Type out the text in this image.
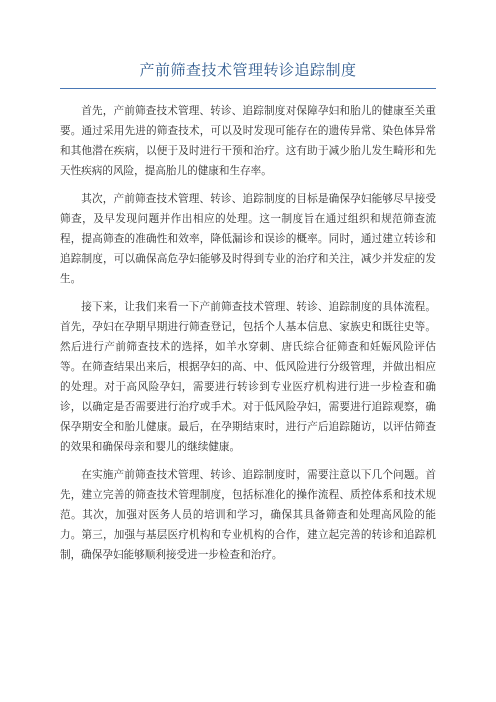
产前筛查技术管理转诊追踪制度

首先，产前筛查技术管理、转诊、追踪制度对保障孕妇和胎儿的健康至关重要。通过采用先进的筛查技术，可以及时发现可能存在的遗传异常、染色体异常和其他潜在疾病，以便于及时进行干预和治疗。这有助于减少胎儿发生畸形和先天性疾病的风险，提高胎儿的健康和生存率。

其次，产前筛查技术管理、转诊、追踪制度的目标是确保孕妇能够尽早接受筛查，及早发现问题并作出相应的处理。这一制度旨在通过组织和规范筛查流程，提高筛查的准确性和效率，降低漏诊和误诊的概率。同时，通过建立转诊和追踪制度，可以确保高危孕妇能够及时得到专业的治疗和关注，减少并发症的发生。

接下来，让我们来看一下产前筛查技术管理、转诊、追踪制度的具体流程。首先，孕妇在孕期早期进行筛查登记，包括个人基本信息、家族史和既往史等。然后进行产前筛查技术的选择，如羊水穿刺、唐氏综合征筛查和妊娠风险评估等。在筛查结果出来后，根据孕妇的高、中、低风险进行分级管理，并做出相应的处理。对于高风险孕妇，需要进行转诊到专业医疗机构进行进一步检查和确诊，以确定是否需要进行治疗或手术。对于低风险孕妇，需要进行追踪观察，确保孕期安全和胎儿健康。最后，在孕期结束时，进行产后追踪随访，以评估筛查的效果和确保母亲和婴儿的继续健康。

在实施产前筛查技术管理、转诊、追踪制度时，需要注意以下几个问题。首先，建立完善的筛查技术管理制度，包括标准化的操作流程、质控体系和技术规范。其次，加强对医务人员的培训和学习，确保其具备筛查和处理高风险的能力。第三，加强与基层医疗机构和专业机构的合作，建立起完善的转诊和追踪机制，确保孕妇能够顺利接受进一步检查和治疗。
